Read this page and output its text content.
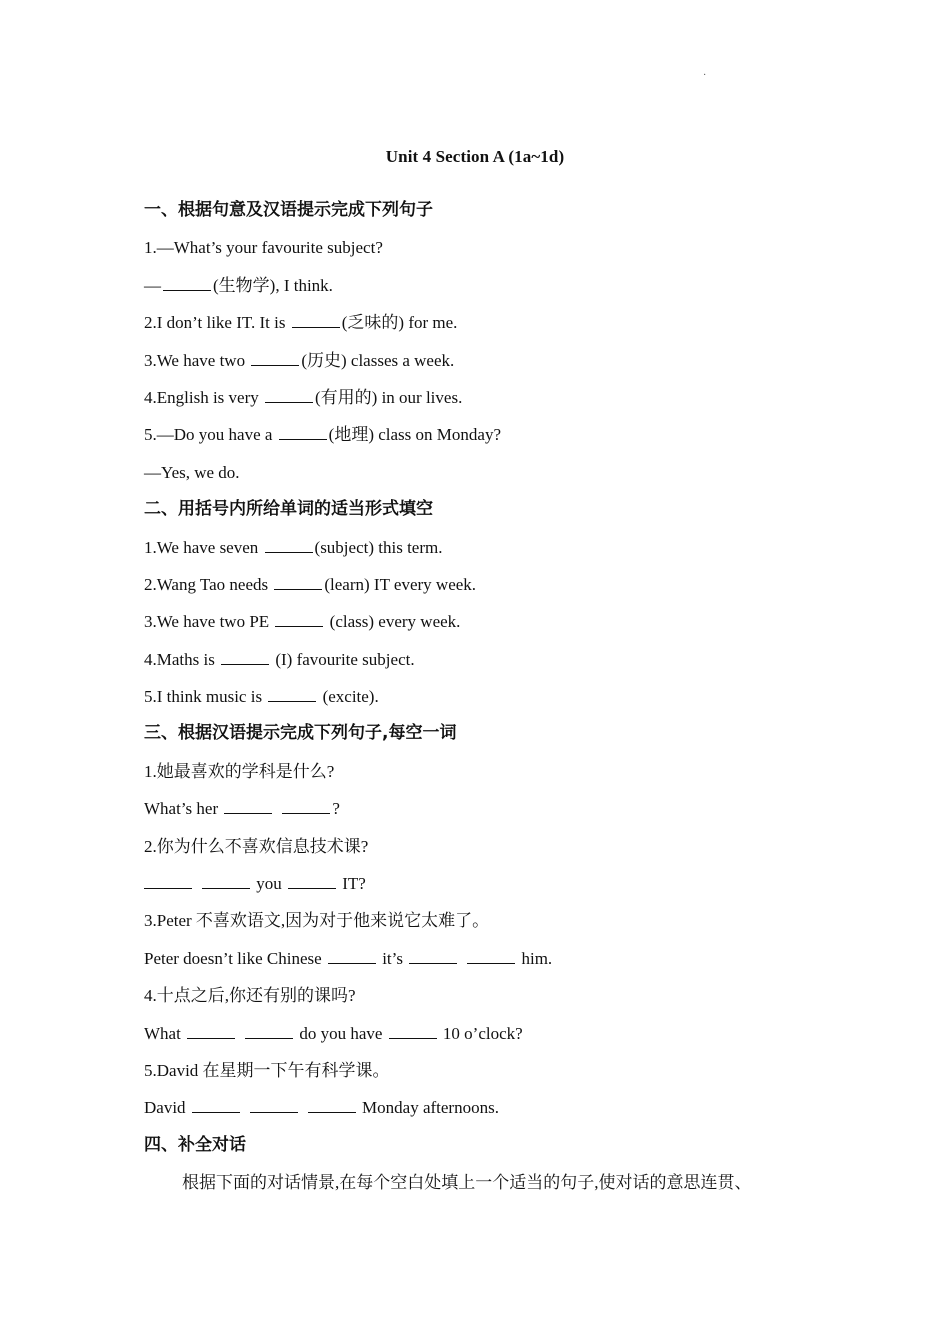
·
Unit 4 Section A (1a~1d)
一、根据句意及汉语提示完成下列句子
1.—What’s your favourite subject?
—	(生物学), I think.
2.I don’t like IT. It is	(乏味的) for me.
3.We have two	(历史) classes a week.
4.English is very	(有用的) in our lives.
5.—Do you have a	(地理) class on Monday?
—Yes, we do.
二、用括号内所给单词的适当形式填空
1.We have seven	(subject) this term.
2.Wang Tao needs	(learn) IT every week.
3.We have two PE	(class) every week.
4.Maths is	(I) favourite subject.
5.I think music is	(excite).
三、根据汉语提示完成下列句子,每空一词
1.她最喜欢的学科是什么?
What’s her	?
2.你为什么不喜欢信息技术课?
you	IT?
3.Peter 不喜欢语文,因为对于他来说它太难了。
Peter doesn’t like Chinese	it’s	him.
4.十点之后,你还有别的课吗?
What	do you have	10 o’clock?
5.David 在星期一下午有科学课。
David	Monday afternoons.
四、补全对话
根据下面的对话情景,在每个空白处填上一个适当的句子,使对话的意思连贯、
